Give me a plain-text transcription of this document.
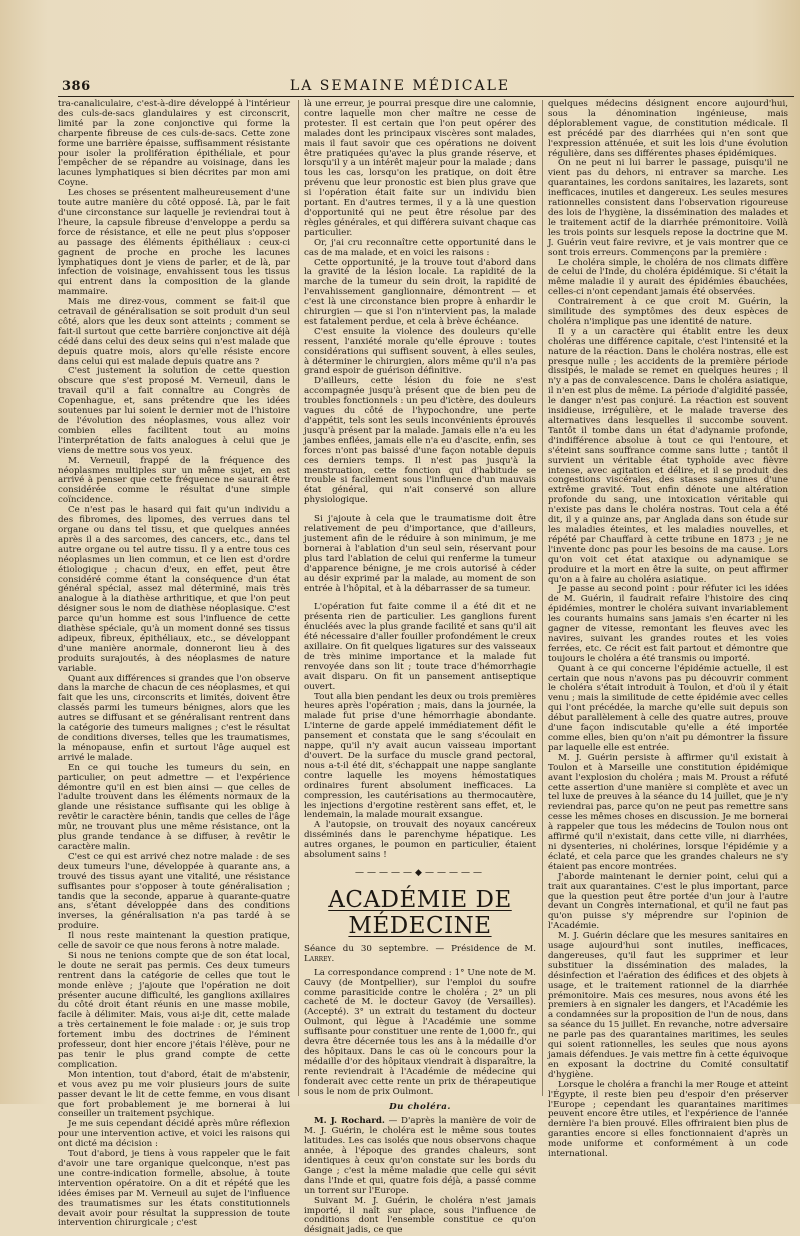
386	LA SEMAINE MÉDICALE

tra-canaliculaire, c'est-à-dire développé à l'intérieur des culs-de-sacs glandulaires y est circonscrit, limité par la zone conjonctive qui forme la charpente fibreuse de ces culs-de-sacs. Cette zone forme une barrière épaisse, suffisamment résistante pour isoler la prolifération épithéliale, et pour l'empêcher de se répandre au voisinage, dans les lacunes lymphatiques si bien décrites par mon ami Coyne.

Les choses se présentent malheureusement d'une toute autre manière du côté opposé. Là, par le fait d'une circonstance sur laquelle je reviendrai tout à l'heure, la capsule fibreuse d'enveloppe a perdu sa force de résistance, et elle ne peut plus s'opposer au passage des éléments épithéliaux : ceux-ci gagnent de proche en proche les lacunes lymphatiques dont je viens de parler, et de là, par infection de voisinage, envahissent tous les tissus qui entrent dans la composition de la glande mammaire.

Mais me direz-vous, comment se fait-il que cetravail de généralisation se soit produit d'un seul côté, alors que les deux sont atteints ; comment se fait-il surtout que cette barrière conjonctive ait déjà cédé dans celui des deux seins qui n'est malade que depuis quatre mois, alors qu'elle résiste encore dans celui qui est malade depuis quatre ans ?

C'est justement la solution de cette question obscure que s'est proposé M. Verneuil, dans le travail qu'il a fait connaître au Congrès de Copenhague, et, sans prétendre que les idées soutenues par lui soient le dernier mot de l'histoire de l'évolution des néoplasmes, vous allez voir combien elles facilitent tout au moins l'interprétation de faits analogues à celui que je viens de mettre sous vos yeux.

M. Verneuil, frappé de la fréquence des néoplasmes multiples sur un même sujet, en est arrivé à penser que cette fréquence ne saurait être considérée comme le résultat d'une simple coïncidence.

Ce n'est pas le hasard qui fait qu'un individu a des fibromes, des lipomes, des verrues dans tel organe ou dans tel tissu, et que quelques années après il a des sarcomes, des cancers, etc., dans tel autre organe ou tel autre tissu. Il y a entre tous ces néoplasmes un lien commun, et ce lien est d'ordre étiologique ; chacun d'eux, en effet, peut être considéré comme étant la conséquence d'un état général spécial, assez mal déterminé, mais très analogue à la diathèse arthritique, et que l'on peut désigner sous le nom de diathèse néoplasique. C'est parce qu'un homme est sous l'influence de cette diathèse spéciale, qu'à un moment donné ses tissus adipeux, fibreux, épithéliaux, etc., se développant d'une manière anormale, donneront lieu à des produits surajoutés, à des néoplasmes de nature variable.

Quant aux différences si grandes que l'on observe dans la marche de chacun de ces néoplasmes, et qui fait que les uns, circonscrits et limités, doivent être classés parmi les tumeurs bénignes, alors que les autres se diffusant et se généralisant rentrent dans la catégorie des tumeurs malignes ; c'est le résultat de conditions diverses, telles que les traumatismes, la ménopause, enfin et surtout l'âge auquel est arrivé le malade.

En ce qui touche les tumeurs du sein, en particulier, on peut admettre — et l'expérience démontre qu'il en est bien ainsi — que celles de l'adulte trouvent dans les éléments normaux de la glande une résistance suffisante qui les oblige à revêtir le caractère bénin, tandis que celles de l'âge mûr, ne trouvant plus une même résistance, ont la plus grande tendance à se diffuser, à revêtir le caractère malin.

C'est ce qui est arrivé chez notre malade : de ses deux tumeurs l'une, développée à quarante ans, a trouvé des tissus ayant une vitalité, une résistance suffisantes pour s'opposer à toute généralisation ; tandis que la seconde, apparue à quarante-quatre ans, s'étant développée dans des conditions inverses, la généralisation n'a pas tardé à se produire.

Il nous reste maintenant la question pratique, celle de savoir ce que nous ferons à notre malade.

Si nous ne tenions compte que de son état local, le doute ne serait pas permis. Ces deux tumeurs rentrent dans la catégorie de celles que tout le monde enlève ; j'ajoute que l'opération ne doit présenter aucune difficulté, les ganglions axillaires du côté droit étant réunis en une masse mobile, facile à délimiter. Mais, vous ai-je dit, cette malade a très certainement le foie malade : or, je suis trop fortement imbu des doctrines de l'éminent professeur, dont hier encore j'étais l'élève, pour ne pas tenir le plus grand compte de cette complication.

Mon intention, tout d'abord, était de m'abstenir, et vous avez pu me voir plusieurs jours de suite passer devant le lit de cette femme, en vous disant que fort probablement je me bornerai à lui conseiller un traitement psychique.

Je me suis cependant décidé après mûre réflexion pour une intervention active, et voici les raisons qui ont dicté ma décision :

Tout d'abord, je tiens à vous rappeler que le fait d'avoir une tare organique quelconque, n'est pas une contre-indication formelle, absolue, à toute intervention opératoire. On a dit et répété que les idées émises par M. Verneuil au sujet de l'influence des traumatismes sur les états constitutionnels devait avoir pour résultat la suppression de toute intervention chirurgicale ; c'est

là une erreur, je pourrai presque dire une calomnie, contre laquelle mon cher maître ne cesse de protester. Il est certain que l'on peut opérer des malades dont les principaux viscères sont malades, mais il faut savoir que ces opérations ne doivent être pratiquées qu'avec la plus grande réserve, et lorsqu'il y a un intérêt majeur pour la malade ; dans tous les cas, lorsqu'on les pratique, on doit être prévenu que leur pronostic est bien plus grave que si l'opération était faite sur un individu bien portant. En d'autres termes, il y a là une question d'opportunité qui ne peut être résolue par des règles générales, et qui différera suivant chaque cas particulier.

Or, j'ai cru reconnaître cette opportunité dans le cas de ma malade, et en voici les raisons :

Cette opportunité, je la trouve tout d'abord dans la gravité de la lésion locale. La rapidité de la marche de la tumeur du sein droit, la rapidité de l'envahissement ganglionnaire, démontrent — et c'est là une circonstance bien propre à enhardir le chirurgien — que si l'on n'intervient pas, la malade est fatalement perdue, et cela à brève échéance.

C'est ensuite la violence des douleurs qu'elle ressent, l'anxiété morale qu'elle éprouve : toutes considérations qui suffisent souvent, à elles seules, à déterminer le chirurgien, alors même qu'il n'a pas grand espoir de guérison définitive.

D'ailleurs, cette lésion du foie ne s'est accompagnée jusqu'à présent que de bien peu de troubles fonctionnels : un peu d'ictère, des douleurs vagues du côté de l'hypochondre, une perte d'appétit, tels sont les seuls inconvénients éprouvés jusqu'à présent par la malade. Jamais elle n'a eu les jambes enflées, jamais elle n'a eu d'ascite, enfin, ses forces n'ont pas baissé d'une façon notable depuis ces derniers temps. Il n'est pas jusqu'à la menstruation, cette fonction qui d'habitude se trouble si facilement sous l'influence d'un mauvais état général, qui n'ait conservé son allure physiologique.

Si j'ajoute à cela que le traumatisme doit être relativement de peu d'importance, que d'ailleurs, justement afin de le réduire à son minimum, je me bornerai à l'ablation d'un seul sein, réservant pour plus tard l'ablation de celui qui renferme la tumeur d'apparence bénigne, je me crois autorisé à céder au désir exprimé par la malade, au moment de son entrée à l'hôpital, et à la débarrasser de sa tumeur.

L'opération fut faite comme il a été dit et ne présenta rien de particulier. Les ganglions furent énucléés avec la plus grande facilité et sans qu'il ait été nécessaire d'aller fouiller profondément le creux axillaire. On fit quelques ligatures sur des vaisseaux de très minime importance et la malade fut renvoyée dans son lit ; toute trace d'hémorrhagie avait disparu. On fit un pansement antiseptique ouvert.

Tout alla bien pendant les deux ou trois premières heures après l'opération ; mais, dans la journée, la malade fut prise d'une hémorrhagie abondante. L'interne de garde appelé immédiatement défit le pansement et constata que le sang s'écoulait en nappe, qu'il n'y avait aucun vaisseau important d'ouvert. De la surface du muscle grand pectoral, nous a-t-il été dit, s'échappait une nappe sanglante contre laquelle les moyens hémostatiques ordinaires furent absolument inefficaces. La compression, les cautérisations au thermocautère, les injections d'ergotine restèrent sans effet, et, le lendemain, la malade mourait exsangue.

A l'autopsie, on trouvait des noyaux cancéreux disséminés dans le parenchyme hépatique. Les autres organes, le poumon en particulier, étaient absolument sains !

—————◆—————
ACADÉMIE DE MÉDECINE

Séance du 30 septembre. — Présidence de M. Larrey.

La correspondance comprend : 1° Une note de M. Cauvy (de Montpellier), sur l'emploi du soufre comme parasiticide contre le choléra ; 2° un pli cacheté de M. le docteur Gavoy (de Versailles). (Accepté). 3° un extrait du testament du docteur Oulmont, qui lègue à l'Académie une somme suffisante pour constituer une rente de 1,000 fr., qui devra être décernée tous les ans à la médaille d'or des hôpitaux. Dans le cas où le concours pour la médaille d'or des hôpitaux viendrait à disparaître, la rente reviendrait à l'Académie de médecine qui fonderait avec cette rente un prix de thérapeutique sous le nom de prix Oulmont.

Du choléra.

M. J. Rochard. — D'après la manière de voir de M. J. Guérin, le choléra est le même sous toutes latitudes. Les cas isolés que nous observons chaque année, à l'époque des grandes chaleurs, sont identiques à ceux qu'on constate sur les bords du Gange ; c'est la même maladie que celle qui sévit dans l'Inde et qui, quatre fois déjà, a passé comme un torrent sur l'Europe.

Suivant M. J. Guérin, le choléra n'est jamais importé, il naît sur place, sous l'influence de conditions dont l'ensemble constitue ce qu'on désignait jadis, ce que

quelques médecins désignent encore aujourd'hui, sous la dénomination ingénieuse, mais déplorablement vague, de constitution médicale. Il est précédé par des diarrhées qui n'en sont que l'expression atténuée, et suit les lois d'une évolution régulière, dans ses différentes phases épidémiques.

On ne peut ni lui barrer le passage, puisqu'il ne vient pas du dehors, ni entraver sa marche. Les quarantaines, les cordons sanitaires, les lazarets, sont inefficaces, inutiles et dangereux. Les seules mesures rationnelles consistent dans l'observation rigoureuse des lois de l'hygiène, la dissémination des malades et le traitement actif de la diarrhée prémonitoire. Voilà les trois points sur lesquels repose la doctrine que M. J. Guérin veut faire revivre, et je vais montrer que ce sont trois erreurs. Commençons par la première :

Le choléra simple, le choléra de nos climats diffère de celui de l'Inde, du choléra épidémique. Si c'était la même maladie il y aurait des épidémies ébauchées, celles-ci n'ont cependant jamais été observées.

Contrairement à ce que croit M. Guérin, la similitude des symptômes des deux espèces de choléra n'implique pas une identité de nature.

Il y a un caractère qui établit entre les deux choléras une différence capitale, c'est l'intensité et la nature de la réaction. Dans le choléra nostras, elle est presque nulle ; les accidents de la première période dissipés, le malade se remet en quelques heures ; il n'y a pas de convalescence. Dans le choléra asiatique, il n'en est plus de même. La période d'algidité passée, le danger n'est pas conjuré. La réaction est souvent insidieuse, irrégulière, et le malade traverse des alternatives dans lesquelles il succombe souvent. Tantôt il tombe dans un état d'adynamie profonde, d'indifférence absolue à tout ce qui l'entoure, et s'éteint sans souffrance comme sans lutte ; tantôt il survient un véritable état typhoïde avec fièvre intense, avec agitation et délire, et il se produit des congestions viscérales, des stases sanguines d'une extrême gravité. Tout enfin dénote une altération profonde du sang, une intoxication véritable qui n'existe pas dans le choléra nostras. Tout cela a été dit, il y a quinze ans, par Anglada dans son étude sur les maladies éteintes, et les maladies nouvelles, et répété par Chauffard à cette tribune en 1873 ; je ne l'invente donc pas pour les besoins de ma cause. Lors qu'on voit cet état ataxique ou adynamique se produire et la mort en être la suite, on peut affirmer qu'on a à faire au choléra asiatique.

Je passe au second point : pour réfuter ici les idées de M. Guérin, il faudrait refaire l'histoire des cinq épidémies, montrer le choléra suivant invariablement les courants humains sans jamais s'en écarter ni les gagner de vitesse, remontant les fleuves avec les navires, suivant les grandes routes et les voies ferrées, etc. Ce récit est fait partout et démontre que toujours le choléra a été transmis ou importé.

Quant à ce qui concerne l'épidémie actuelle, il est certain que nous n'avons pas pu découvrir comment le choléra s'était introduit à Toulon, et d'où il y était venu ; mais la similitude de cette épidémie avec celles qui l'ont précédée, la marche qu'elle suit depuis son début parallèlement à celle des quatre autres, prouve d'une façon indiscutable qu'elle a été importée comme elles, bien qu'on n'ait pu démontrer la fissure par laquelle elle est entrée.

M. J. Guérin persiste à affirmer qu'il existait à Toulon et à Marseille une constitution épidémique avant l'explosion du choléra ; mais M. Proust a réfuté cette assertion d'une manière si complète et avec un tel luxe de preuves à la séance du 14 juillet, que je n'y reviendrai pas, parce qu'on ne peut pas remettre sans cesse les mêmes choses en discussion. Je me bornerai à rappeler que tous les médecins de Toulon nous ont affirmé qu'il n'existait, dans cette ville, ni diarrhées, ni dysenteries, ni cholérines, lorsque l'épidémie y a éclaté, et cela parce que les grandes chaleurs ne s'y étaient pas encore montrées.

J'aborde maintenant le dernier point, celui qui a trait aux quarantaines. C'est le plus important, parce que la question peut être portée d'un jour à l'autre devant un Congrès international, et qu'il ne faut pas qu'on puisse s'y méprendre sur l'opinion de l'Académie.

M. J. Guérin déclare que les mesures sanitaires en usage aujourd'hui sont inutiles, inefficaces, dangereuses, qu'il faut les supprimer et leur substituer la dissémination des malades, la désinfection et l'aération des édifices et des objets à usage, et le traitement rationnel de la diarrhée prémonitoire. Mais ces mesures, nous avons été les premiers à en signaler les dangers, et l'Académie les a condamnées sur la proposition de l'un de nous, dans sa séance du 15 juillet. En revanche, notre adversaire ne parle pas des quarantaines maritimes, les seules qui soient rationnelles, les seules que nous ayons jamais défendues. Je vais mettre fin à cette équivoque en exposant la doctrine du Comité consultatif d'hygiène.

Lorsque le choléra a franchi la mer Rouge et atteint l'Égypte, il reste bien peu d'espoir d'en préserver l'Europe ; cependant les quarantaines maritimes peuvent encore être utiles, et l'expérience de l'année dernière l'a bien prouvé. Elles offriraient bien plus de garanties encore si elles fonctionnaient d'après un mode uniforme et conformément à un code international.
